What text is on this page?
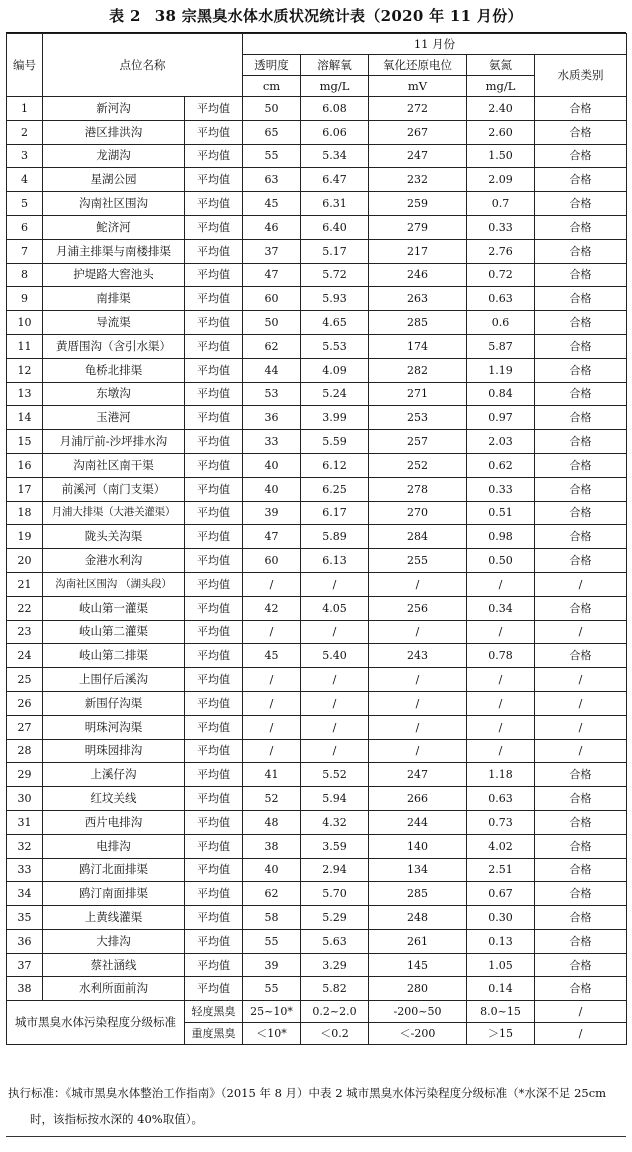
表 2 38 宗黑臭水体水质状况统计表（2020 年 11 月份）
编号	点位名称		11 月份				
			透明度	溶解氧	氧化还原电位	氨氮	水质类别
			cm	mg/L	mV	mg/L	
1	新河沟	平均值	50	6.08	272	2.40	合格
2	港区排洪沟	平均值	65	6.06	267	2.60	合格
3	龙湖沟	平均值	55	5.34	247	1.50	合格
4	星湖公园	平均值	63	6.47	232	2.09	合格
5	沟南社区围沟	平均值	45	6.31	259	0.7	合格
6	鮀济河	平均值	46	6.40	279	0.33	合格
7	月浦主排渠与南楼排渠	平均值	37	5.17	217	2.76	合格
8	护堤路大窖池头	平均值	47	5.72	246	0.72	合格
9	南排渠	平均值	60	5.93	263	0.63	合格
10	导流渠	平均值	50	4.65	285	0.6	合格
11	黄厝围沟（含引水渠）	平均值	62	5.53	174	5.87	合格
12	龟桥北排渠	平均值	44	4.09	282	1.19	合格
13	东墩沟	平均值	53	5.24	271	0.84	合格
14	玉港河	平均值	36	3.99	253	0.97	合格
15	月浦厅前-沙坪排水沟	平均值	33	5.59	257	2.03	合格
16	沟南社区南干渠	平均值	40	6.12	252	0.62	合格
17	前溪河（南门支渠）	平均值	40	6.25	278	0.33	合格
18	月浦大排渠（大港关灌渠）	平均值	39	6.17	270	0.51	合格
19	陇头关沟渠	平均值	47	5.89	284	0.98	合格
20	金港水利沟	平均值	60	6.13	255	0.50	合格
21	沟南社区围沟 （湖头段）	平均值	/	/	/	/	/
22	岐山第一灌渠	平均值	42	4.05	256	0.34	合格
23	岐山第二灌渠	平均值	/	/	/	/	/
24	岐山第二排渠	平均值	45	5.40	243	0.78	合格
25	上围仔后溪沟	平均值	/	/	/	/	/
26	新围仔沟渠	平均值	/	/	/	/	/
27	明珠河沟渠	平均值	/	/	/	/	/
28	明珠园排沟	平均值	/	/	/	/	/
29	上溪仔沟	平均值	41	5.52	247	1.18	合格
30	红坟关线	平均值	52	5.94	266	0.63	合格
31	西片电排沟	平均值	48	4.32	244	0.73	合格
32	电排沟	平均值	38	3.59	140	4.02	合格
33	鸥汀北面排渠	平均值	40	2.94	134	2.51	合格
34	鸥汀南面排渠	平均值	62	5.70	285	0.67	合格
35	上黄线灌渠	平均值	58	5.29	248	0.30	合格
36	大排沟	平均值	55	5.63	261	0.13	合格
37	蔡社涵线	平均值	39	3.29	145	1.05	合格
38	水利所面前沟	平均值	55	5.82	280	0.14	合格
城市黑臭水体污染程度分级标准		轻度黑臭	25~10*	0.2~2.0	-200~50	8.0~15	/
		重度黑臭	＜10*	＜0.2	＜-200	＞15	/

执行标准：《城市黑臭水体整治工作指南》（2015 年 8 月）中表 2 城市黑臭水体污染程度分级标准（*水深不足 25cm

时，该指标按水深的 40%取值）。
